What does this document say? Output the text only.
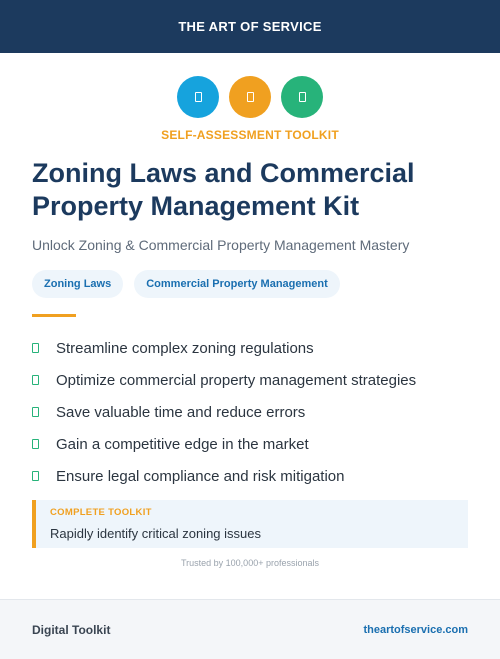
THE ART OF SERVICE
SELF-ASSESSMENT TOOLKIT
Zoning Laws and Commercial Property Management Kit

Unlock Zoning & Commercial Property Management Mastery

Zoning Laws	Commercial Property Management
Streamline complex zoning regulations
Optimize commercial property management strategies
Save valuable time and reduce errors
Gain a competitive edge in the market
Ensure legal compliance and risk mitigation
COMPLETE TOOLKIT
Rapidly identify critical zoning issues
Trusted by 100,000+ professionals
Digital Toolkit	theartofservice.com
